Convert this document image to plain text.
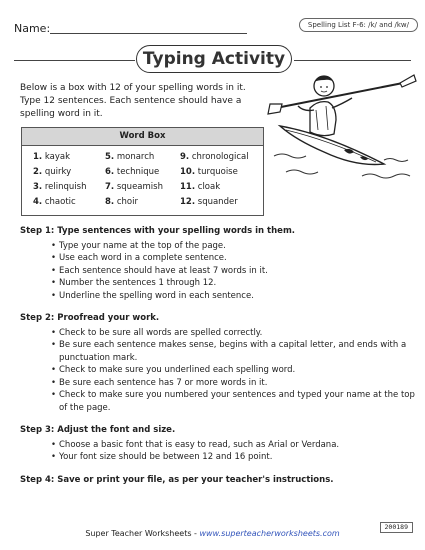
Name:	Spelling List F-6: /k/ and /kw/
Typing Activity
Below is a box with 12 of your spelling words in it. Type 12 sentences. Each sentence should have a spelling word in it.
Word Box
1. kayak	5. monarch	9. chronological
2. quirky	6. technique	10. turquoise
3. relinquish	7. squeamish	11. cloak
4. chaotic	8. choir	12. squander
Step 1: Type sentences with your spelling words in them.
• Type your name at the top of the page.
• Use each word in a complete sentence.
• Each sentence should have at least 7 words in it.
• Number the sentences 1 through 12.
• Underline the spelling word in each sentence.
Step 2: Proofread your work.
• Check to be sure all words are spelled correctly.
• Be sure each sentence makes sense, begins with a capital letter, and ends with a punctuation mark.
• Check to make sure you underlined each spelling word.
• Be sure each sentence has 7 or more words in it.
• Check to make sure you numbered your sentences and typed your name at the top of the page.
Step 3: Adjust the font and size.
• Choose a basic font that is easy to read, such as Arial or Verdana.
• Your font size should be between 12 and 16 point.
Step 4: Save or print your file, as per your teacher's instructions.
200189
Super Teacher Worksheets - www.superteacherworksheets.com
